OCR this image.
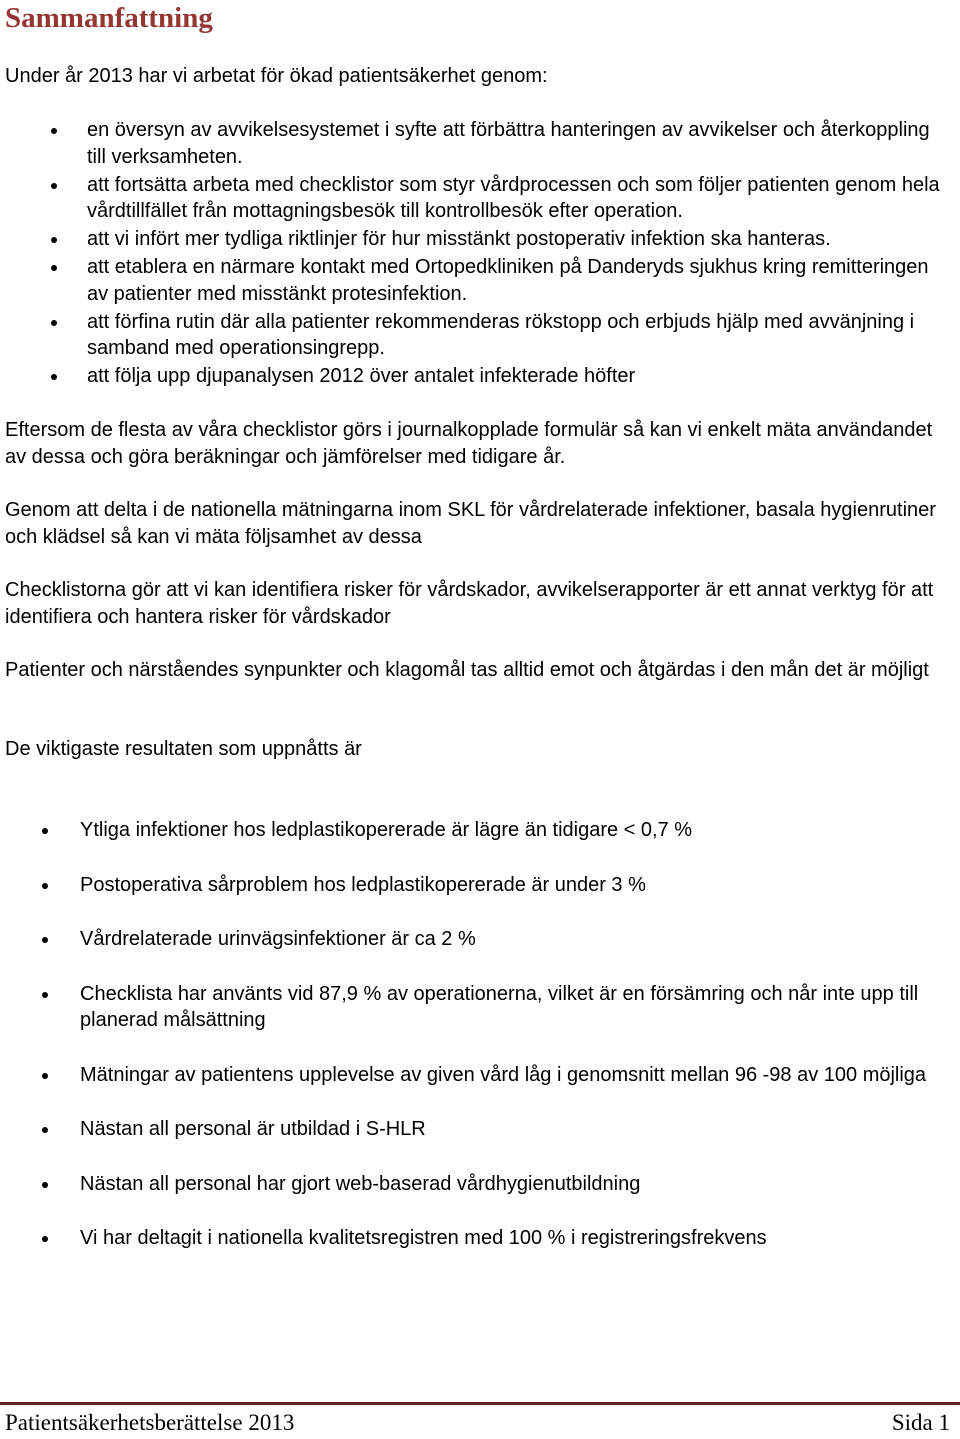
Sammanfattning

Under år 2013 har vi arbetat för ökad patientsäkerhet genom:

en översyn av avvikelsesystemet i syfte att förbättra hanteringen av avvikelser och återkoppling till verksamheten.
att fortsätta arbeta med checklistor som styr vårdprocessen och som följer patienten genom hela vårdtillfället från mottagningsbesök till kontrollbesök efter operation.
att vi infört mer tydliga riktlinjer för hur misstänkt postoperativ infektion ska hanteras.
att etablera en närmare kontakt med Ortopedkliniken på Danderyds sjukhus kring remitteringen av patienter med misstänkt protesinfektion.
att förfina rutin där alla patienter rekommenderas rökstopp och erbjuds hjälp med avvänjning i samband med operationsingrepp.
att följa upp djupanalysen 2012 över antalet infekterade höfter

Eftersom de flesta av våra checklistor görs i journalkopplade formulär så kan vi enkelt mäta användandet av dessa och göra beräkningar och jämförelser med tidigare år.

Genom att delta i de nationella mätningarna inom SKL för vårdrelaterade infektioner, basala hygienrutiner och klädsel så kan vi mäta följsamhet av dessa

Checklistorna gör att vi kan identifiera risker för vårdskador, avvikelserapporter är ett annat verktyg för att identifiera och hantera risker för vårdskador

Patienter och närståendes synpunkter och klagomål tas alltid emot och åtgärdas i den mån det är möjligt

De viktigaste resultaten som uppnåtts är

Ytliga infektioner hos ledplastikopererade är lägre än tidigare < 0,7 %
Postoperativa sårproblem hos ledplastikopererade är under 3 %
Vårdrelaterade urinvägsinfektioner är ca 2 %
Checklista har använts vid 87,9 % av operationerna, vilket är en försämring och når inte upp till planerad målsättning
Mätningar av patientens upplevelse av given vård låg i genomsnitt mellan 96 -98 av 100 möjliga
Nästan all personal är utbildad i S-HLR
Nästan all personal har gjort web-baserad vårdhygienutbildning
Vi har deltagit i nationella kvalitetsregistren med 100 % i registreringsfrekvens
Patientsäkerhetsberättelse 2013	Sida 1
